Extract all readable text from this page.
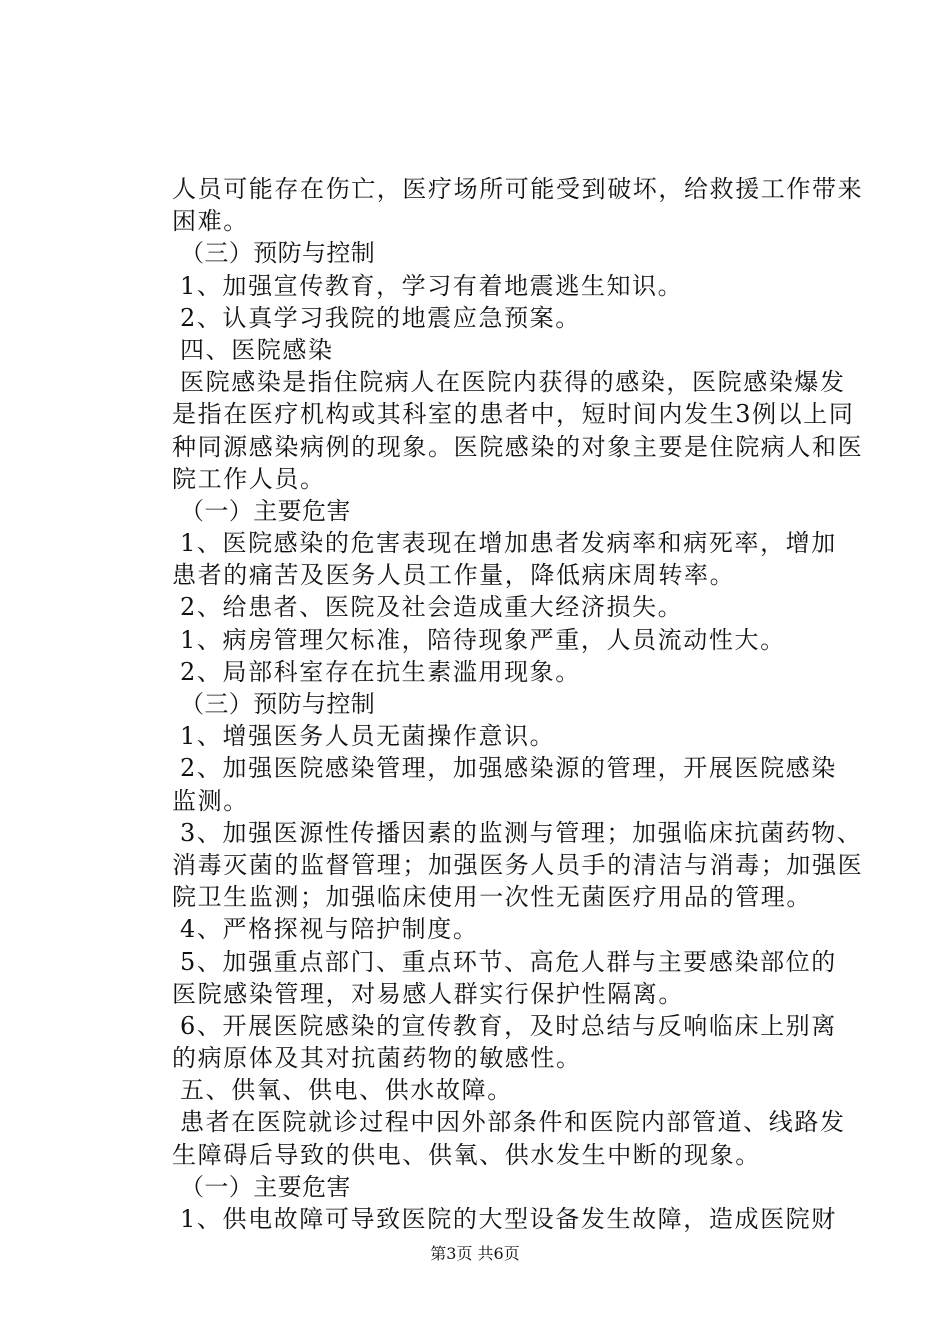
人员可能存在伤亡，医疗场所可能受到破坏，给救援工作带来
困难。
（三）预防与控制
1、加强宣传教育，学习有着地震逃生知识。
2、认真学习我院的地震应急预案。
四、医院感染
医院感染是指住院病人在医院内获得的感染，医院感染爆发
是指在医疗机构或其科室的患者中，短时间内发生3例以上同
种同源感染病例的现象。医院感染的对象主要是住院病人和医
院工作人员。
（一）主要危害
1、医院感染的危害表现在增加患者发病率和病死率，增加
患者的痛苦及医务人员工作量，降低病床周转率。
2、给患者、医院及社会造成重大经济损失。
1、病房管理欠标准，陪待现象严重，人员流动性大。
2、局部科室存在抗生素滥用现象。
（三）预防与控制
1、增强医务人员无菌操作意识。
2、加强医院感染管理，加强感染源的管理，开展医院感染
监测。
3、加强医源性传播因素的监测与管理；加强临床抗菌药物、
消毒灭菌的监督管理；加强医务人员手的清洁与消毒；加强医
院卫生监测；加强临床使用一次性无菌医疗用品的管理。
4、严格探视与陪护制度。
5、加强重点部门、重点环节、高危人群与主要感染部位的
医院感染管理，对易感人群实行保护性隔离。
6、开展医院感染的宣传教育，及时总结与反响临床上别离
的病原体及其对抗菌药物的敏感性。
五、供氧、供电、供水故障。
患者在医院就诊过程中因外部条件和医院内部管道、线路发
生障碍后导致的供电、供氧、供水发生中断的现象。
（一）主要危害
1、供电故障可导致医院的大型设备发生故障，造成医院财
第3页 共6页
